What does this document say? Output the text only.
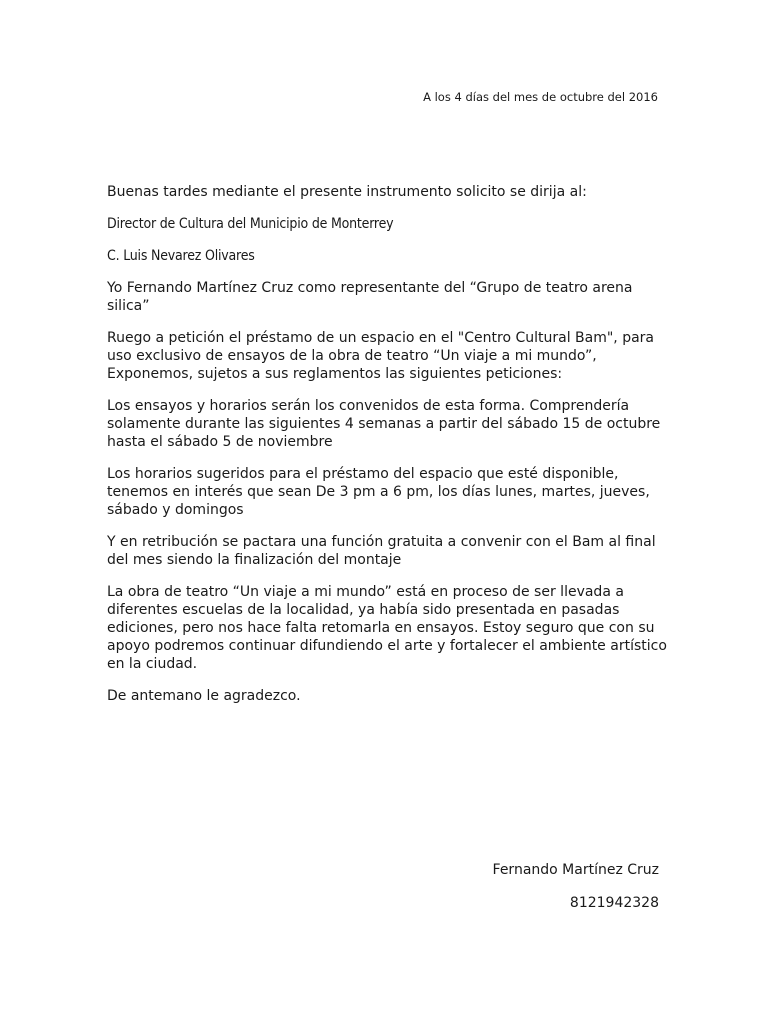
A los 4 días del mes de octubre del 2016

Buenas tardes mediante el presente instrumento solicito se dirija al:

Director de Cultura del Municipio de Monterrey

C. Luis Nevarez Olivares

Yo Fernando Martínez Cruz como representante del “Grupo de teatro arena
silica”

Ruego a petición el préstamo de un espacio en el "Centro Cultural Bam", para
uso exclusivo de ensayos de la obra de teatro “Un viaje a mi mundo”,
Exponemos, sujetos a sus reglamentos las siguientes peticiones:

Los ensayos y horarios serán los convenidos de esta forma. Comprendería
solamente durante las siguientes 4 semanas a partir del sábado 15 de octubre
hasta el sábado 5 de noviembre

Los horarios sugeridos para el préstamo del espacio que esté disponible,
tenemos en interés que sean De 3 pm a 6 pm, los días lunes, martes, jueves,
sábado y domingos

Y en retribución se pactara una función gratuita a convenir con el Bam al final
del mes siendo la finalización del montaje

La obra de teatro “Un viaje a mi mundo” está en proceso de ser llevada a
diferentes escuelas de la localidad, ya había sido presentada en pasadas
ediciones, pero nos hace falta retomarla en ensayos. Estoy seguro que con su
apoyo podremos continuar difundiendo el arte y fortalecer el ambiente artístico
en la ciudad.

De antemano le agradezco.

Fernando Martínez Cruz
8121942328
